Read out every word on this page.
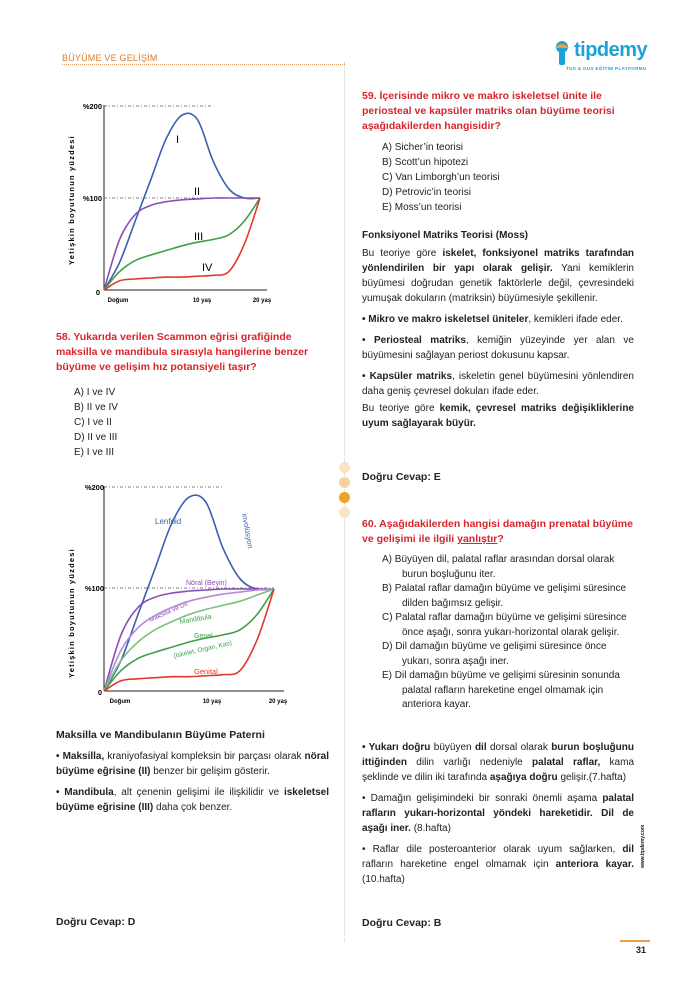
BÜYÜME VE GELİŞİM	tipdemy
TUS & DUS EĞİTİM PLATFORMU
Yetişkin boyutunun yüzdesi
%200
%100
0
Doğum	10 yaş	20 yaş
I
II
III
IV
58. Yukarıda verilen Scammon eğrisi grafiğinde maksilla ve mandibula sırasıyla hangilerine benzer büyüme ve gelişim hız potansiyeli taşır?
A) I ve IV
B) II ve IV
C) I ve II
D) II ve III
E) I ve III
Yetişkin boyutunun yüzdesi
%200
%100
0
Doğum	10 yaş	20 yaş
Lenfoid	involüsyon
Nöral (Beyin)
Maksilla ve Dil
Mandibula
Genel
(İskelet, Organ, Kas)
Genital

Maksilla ve Mandibulanın Büyüme Paterni

• Maksilla, kraniyofasiyal kompleksin bir parçası olarak nöral büyüme eğrisine (II) benzer bir gelişim gösterir.

• Mandibula, alt çenenin gelişimi ile ilişkilidir ve iskeletsel büyüme eğrisine (III) daha çok benzer.

Doğru Cevap: D
59. İçerisinde mikro ve makro iskeletsel ünite ile periosteal ve kapsüler matriks olan büyüme teorisi aşağıdakilerden hangisidir?
A) Sicher’in teorisi
B) Scott’un hipotezi
C) Van Limborgh’un teorisi
D) Petrovic’in teorisi
E) Moss’un teorisi

Fonksiyonel Matriks Teorisi (Moss)

Bu teoriye göre iskelet, fonksiyonel matriks tarafından yönlendirilen bir yapı olarak gelişir. Yani kemiklerin büyümesi doğrudan genetik faktörlerle değil, çevresindeki yumuşak dokuların (matriksin) büyümesiyle şekillenir.

• Mikro ve makro iskeletsel üniteler, kemikleri ifade eder.

• Periosteal matriks, kemiğin yüzeyinde yer alan ve büyümesini sağlayan periost dokusunu kapsar.

• Kapsüler matriks, iskeletin genel büyümesini yönlendiren daha geniş çevresel dokuları ifade eder.

Bu teoriye göre kemik, çevresel matriks değişikliklerine uyum sağlayarak büyür.

Doğru Cevap: E
60. Aşağıdakilerden hangisi damağın prenatal büyüme ve gelişimi ile ilgili yanlıştır?
A) Büyüyen dil, palatal raflar arasından dorsal olarak burun boşluğunu iter.
B) Palatal raflar damağın büyüme ve gelişimi süresince dilden bağımsız gelişir.
C) Palatal raflar damağın büyüme ve gelişimi süresince önce aşağı, sonra yukarı-horizontal olarak gelişir.
D) Dil damağın büyüme ve gelişimi süresince önce yukarı, sonra aşağı iner.
E) Dil damağın büyüme ve gelişimi süresinin sonunda palatal rafların hareketine engel olmamak için anteriora kayar.

• Yukarı doğru büyüyen dil dorsal olarak burun boşluğunu ittiğinden dilin varlığı nedeniyle palatal raflar, kama şeklinde ve dilin iki tarafında aşağıya doğru gelişir.(7.hafta)

• Damağın gelişimindeki bir sonraki önemli aşama palatal rafların yukarı-horizontal yöndeki hareketidir. Dil de aşağı iner. (8.hafta)

• Raflar dile posteroanterior olarak uyum sağlarken, dil rafların hareketine engel olmamak için anteriora kayar. (10.hafta)

Doğru Cevap: B
www.tipdemy.com
31
